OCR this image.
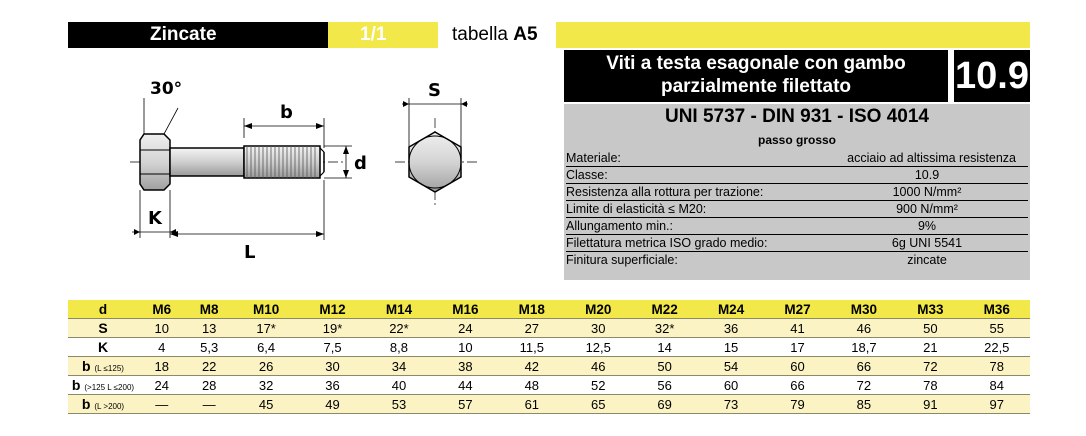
Zincate	1/1	tabella A5
Viti a testa esagonale con gambo
parzialmente filettato	10.9
UNI 5737 - DIN 931 - ISO 4014
passo grosso
Materiale:	acciaio ad altissima resistenza
Classe:	10.9
Resistenza alla rottura per trazione:	1000 N/mm²
Limite di elasticità ≤ M20:	900 N/mm²
Allungamento min.:	9%
Filettatura metrica ISO grado medio:	6g UNI 5541
Finitura superficiale:	zincate
30°
b
d
K
L
S
d	M6	M8	M10	M12	M14	M16	M18	M20	M22	M24	M27	M30	M33	M36
S	10	13	17*	19*	22*	24	27	30	32*	36	41	46	50	55
K	4	5,3	6,4	7,5	8,8	10	11,5	12,5	14	15	17	18,7	21	22,5
b (L ≤125)	18	22	26	30	34	38	42	46	50	54	60	66	72	78
b (>125 L ≤200)	24	28	32	36	40	44	48	52	56	60	66	72	78	84
b (L >200)	—	—	45	49	53	57	61	65	69	73	79	85	91	97
